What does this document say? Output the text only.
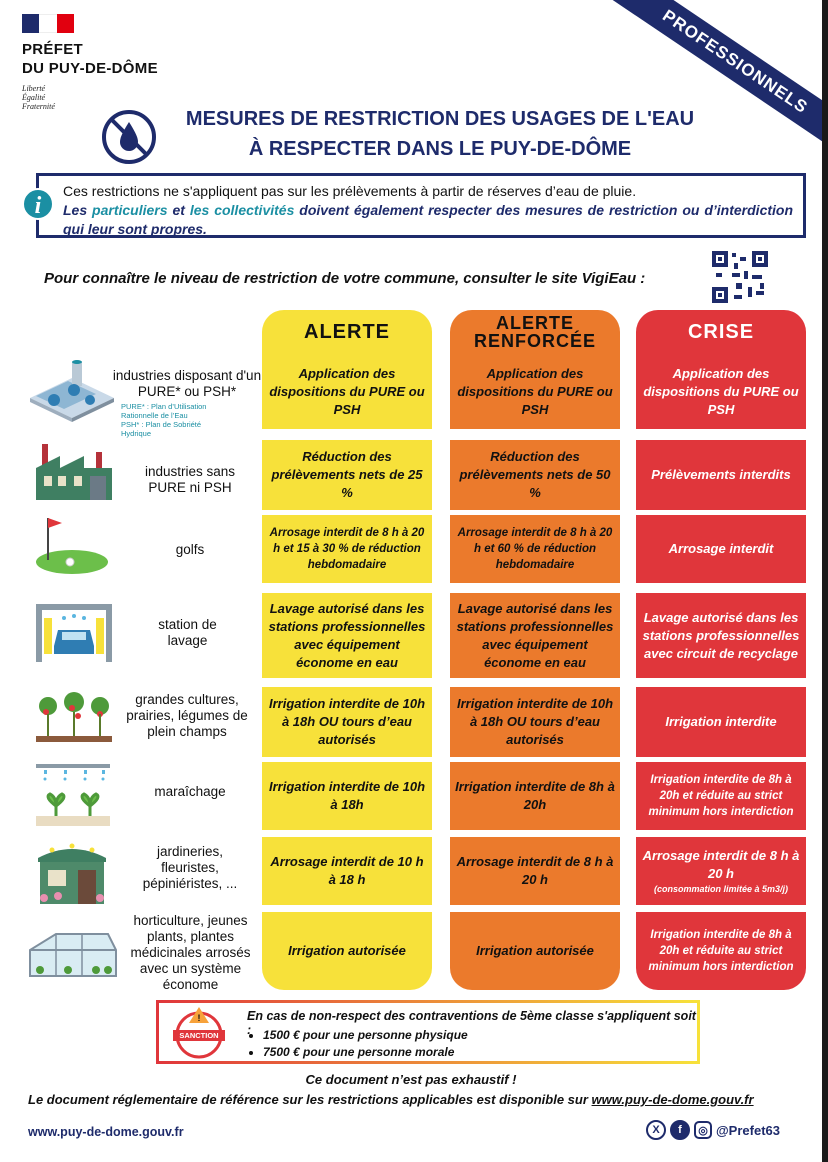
PRÉFET
DU PUY-DE-DÔME
Liberté
Égalité
Fraternité	PROFESSIONNELS
MESURES DE RESTRICTION DES USAGES DE L'EAU
À RESPECTER DANS LE PUY-DE-DÔME
Ces restrictions ne s'appliquent pas sur les prélèvements à partir de réserves d’eau de pluie.
Les particuliers et les collectivités doivent également respecter des mesures de restriction ou d’interdiction qui leur sont propres.
i
Pour connaître le niveau de restriction de votre commune, consulter le site VigiEau :
ALERTE	ALERTE RENFORCÉE	CRISE
Application des dispositions du PURE ou PSH
Application des dispositions du PURE ou PSH
Application des dispositions du PURE ou PSH
Réduction des prélèvements nets de 25 %
Réduction des prélèvements nets de 50 %
Prélèvements interdits
Arrosage interdit de 8 h à 20 h et 15 à 30 % de réduction hebdomadaire
Arrosage interdit de 8 h à 20 h et 60 % de réduction hebdomadaire
Arrosage interdit
Lavage autorisé dans les stations professionnelles avec équipement économe en eau
Lavage autorisé dans les stations professionnelles avec équipement économe en eau
Lavage autorisé dans les stations professionnelles avec circuit de recyclage
Irrigation interdite de 10h à 18h OU tours d’eau autorisés
Irrigation interdite de 10h à 18h OU tours d’eau autorisés
Irrigation interdite
Irrigation interdite de 10h à 18h
Irrigation interdite de 8h à 20h
Irrigation interdite de 8h à 20h et réduite au strict minimum hors interdiction
Arrosage interdit de 10 h à 18 h
Arrosage interdit de 8 h à 20 h
Arrosage interdit de 8 h à 20 h
(consommation limitée à 5m3/j)
Irrigation autorisée	Irrigation autorisée
Irrigation interdite de 8h à 20h et réduite au strict minimum hors interdiction
industries disposant d'un PURE* ou PSH*
PURE* : Plan d’Utilisation
Rationnelle de l’Eau
PSH* : Plan de Sobriété
Hydrique
industries sans PURE ni PSH
golfs
station de lavage
grandes cultures, prairies, légumes de plein champs
maraîchage
jardineries, fleuristes, pépiniéristes, ...
horticulture, jeunes plants, plantes médicinales arrosés avec un système économe
!
SANCTION
En cas de non-respect des contraventions de 5ème classe s'appliquent soit :
• 1500 € pour une personne physique
• 7500 € pour une personne morale
Ce document n’est pas exhaustif !
Le document réglementaire de référence sur les restrictions applicables est disponible sur www.puy-de-dome.gouv.fr
www.puy-de-dome.gouv.fr	X	f	◎ @Prefet63
